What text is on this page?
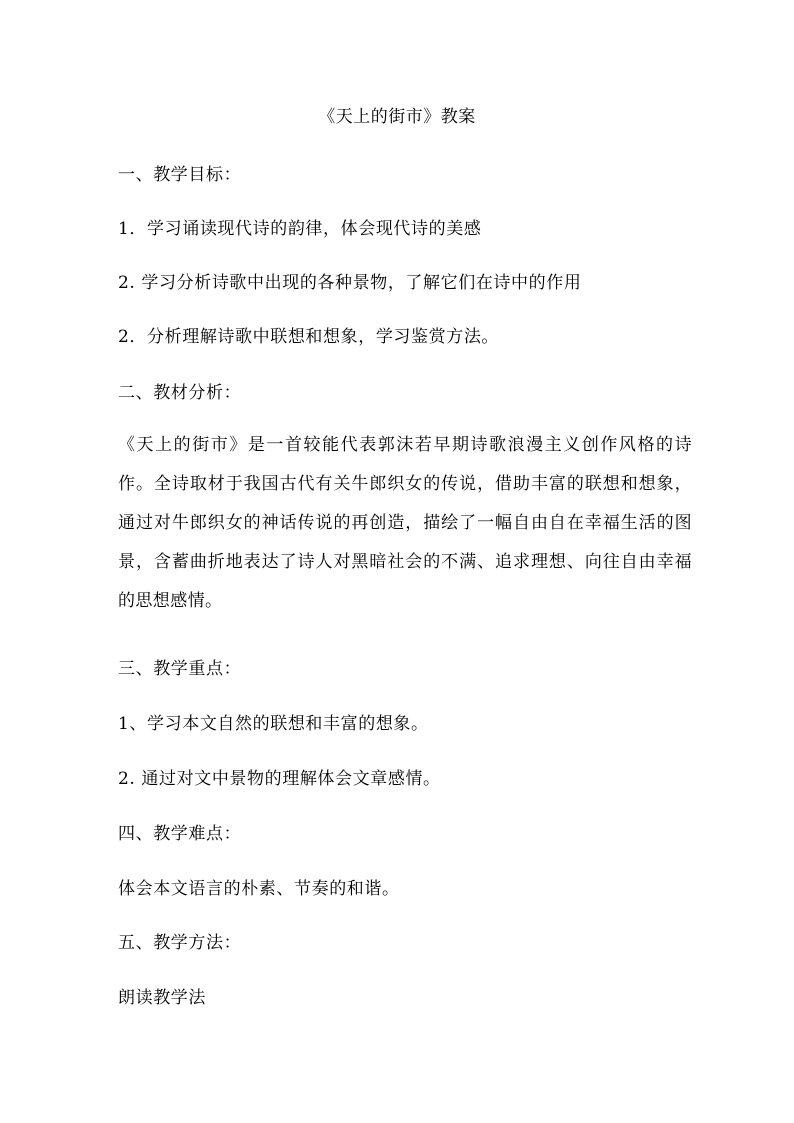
《天上的街市》教案
一、教学目标：
1．学习诵读现代诗的韵律，体会现代诗的美感
2. 学习分析诗歌中出现的各种景物，了解它们在诗中的作用
2．分析理解诗歌中联想和想象，学习鉴赏方法。
二、教材分析：
《天上的街市》是一首较能代表郭沫若早期诗歌浪漫主义创作风格的诗作。全诗取材于我国古代有关牛郎织女的传说，借助丰富的联想和想象，通过对牛郎织女的神话传说的再创造，描绘了一幅自由自在幸福生活的图景，含蓄曲折地表达了诗人对黑暗社会的不满、追求理想、向往自由幸福的思想感情。
三、教学重点：
1、学习本文自然的联想和丰富的想象。
2. 通过对文中景物的理解体会文章感情。
四、教学难点：
体会本文语言的朴素、节奏的和谐。
五、教学方法：
朗读教学法
